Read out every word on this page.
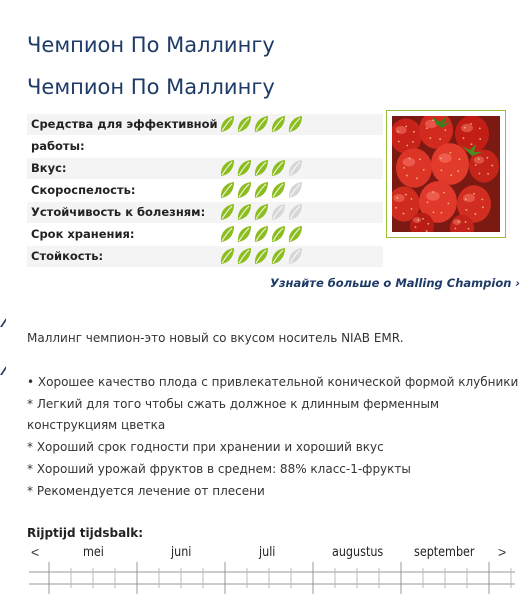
Чемпион По Маллингу
Чемпион По Маллингу
Средства для эффективной
работы:
Вкус:
Скороспелость:
Устойчивость к болезням:
Срок хранения:
Стойкость:
Узнайте больше о Malling Champion ›
Маллинг чемпион-это новый со вкусом носитель NIAB EMR.
• Хорошее качество плода с привлекательной конической формой клубники
* Легкий для того чтобы сжать должное к длинным ферменным
конструкциям цветка
* Хороший срок годности при хранении и хороший вкус
* Хороший урожай фруктов в среднем: 88% класс-1-фрукты
* Рекомендуется лечение от плесени
Rijptijd tijdsbalk:
<	mei	juni	juli	augustus september >
